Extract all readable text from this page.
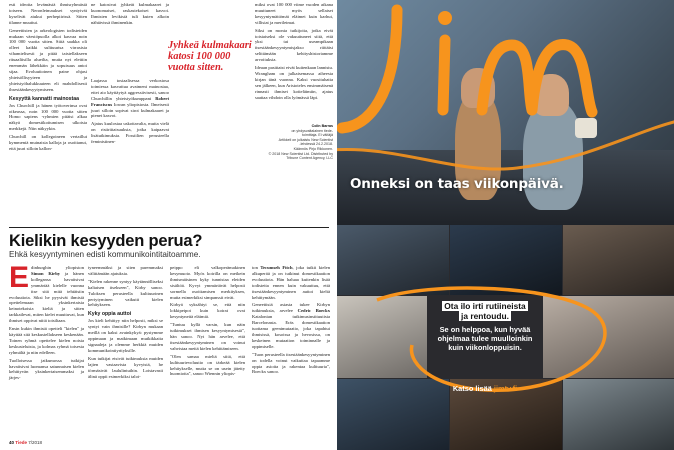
esti ideoita levämästä ihmisryhmästä toiseen. Neronleimaukset syntyivät kyselivät aiukui perhepiirissä. Sitten tilanne muuttui.

Geneettisten ja arkeologisten todisteiden mukaan väestöpuolla alkoi kasvaa noin 100 000 vuotta sitten. Siitä saakka oli olleet kaikki sulttuurisa virrasisia vihamielisesti ja pitää taistellakseen rituaaliisilla alueilta, mutta nyt elettiin enemmän lähekkäin ja sopuisuus antoi sijaa. Evoluutioinen paine ohjasi yhteisöllisyyteen ja yhteistyöhalukkuuteen eli mahdollisesti ihsestäänkesyytymiseen.

Kesyyttä kannatti mainostaa

Jos Churchill ja hänen työtoverinsa ovat oikeassa, noin 100 000 vuotta sitten Homo sapiens -ryhmien pitäisi alkaa näkyä domestikoitumisen ulkoisia merkkejä. Niin näkyykin.

Churchill on kollegoineen vertaillut kymmeniä muinaisia kalloja ja osoittanut, että juuri silloin kallon-

ne katosivat jyhkeät kulmakaaret ja kuonomaiset, raskastekoiset kasvot. Ihmisten levikistä tuli kuten alkoin nähtävissä ihminenkin.

Jyhkeä kulmakaari katosi 100 000 vuotta sitten.

Laajassa tosiaalisessa verkostosa toimiessa kasvattua avaimeni mainostaa, ettei aio käyttäytyä aggressiivisesti, sanoo Churchillin yhteistyökumppani Robert Franciscus Iowan yliopistosta. Ilmeisesti juuri silloin sopivat sirot kulmakaaret ja pienet kasvot.

Ajatus kuulostaa uskottavalta, mutta vielä on ristiriitaisuuksia, jotka kaipaavat lisätutkimuksia. Fossiilien perusteella feministinen-

miksi ovat 100 000 viime vuoden aikana muuttuneet myös sellaiset kesyyntymättömät eläimet kuin karhut, villisiat ja merileimat.

Siksi on monia tutkijoita, jotka eivät toistaiseksi ole vakuuttuneet siitä, että yksi tai useampikaan itsestäänkesyyntymisjakso riittäisi selittämään kehityshistoriamme arvoituksia.

Ideaan pasittaist eivät kuitenkaan lannistu. Wrangham on julkaisemassa aiheesta kirjan tänä vuonna. Kaksi vuosituhatta sen jälkeen, kun Aristoteles ensimmäisenä rinnasti ihmiset kotieläimiin, ajatus saattaa vihdoin olla lyömässä läpi.

Colin Barras
on yhdysvaltalainen tiede-
toimittaja. Ei väitäjä
Artikkeli on julkaistu New Scientist
-lehdessä 24.2.2018.
Käännös Pirjo Rikkonen.
© 2018 New Scientist Ltd. Distributed by
Tribune Content Agency, LLC
Kielikin kesyyden perua?
Ehkä kesyyntyminen edisti kommunikointitaitoamme.

Edinburghin yliopiston Simon Kirby ja hänen kollegansa havaitsivat ymmärtää kielelle vuonna itse sitä mitä tehtäisiin evoluutiota. Siksi he pyysivät ihmisiä opettelemaan yksinkertaisia keinotekoisia kieliä ja sitten tarkkailevat, miten kielet muuttuvat, kun ihmiset oppivat niitä toisiltaan.

Ensin kukin ihmistä opetteli "kielen" ja käyttää sitä keskustellakseen keskenään. Toinen ryhmä opettelee kielen noista keskusteluista, ja kolmas ryhmä toisesta ryhmältä ja niin edelleen.

Tuolloisessa jatkumossa tutkijat havaitsivat luomansa satunnaisen kielen kehittyvän yksinkertaisemmaksi ja järjes-

tyneemmäksi ja siten paremmaksi välittämään ajatuksia.

"Kielen rakenne syntyy käytännölliseksi kaltaisen itsekseen", Kirby sanoo. Tuloksen perusteella kulttuurinen periytyminen vaikutti kielen kehitykseen.

Kyky oppia auttoi

Jos kieli kehittyy niin helposti, miksi se syntyi vain ihmisille? Kirbyn mukaan meillä on kaksi avainkykyä: pystymme oppimaan ja matkimaan mutkikkaita signaaleja ja olemme herkkiä muiden kommunikointiyrityksille.

Kun tutkijat etsivät tutkimuksia muiden lajien vastaavista kyvyistä, he törmäsivät laululintuihin. Loistavasti älinä oppii esimerkiksi taloi-

peippo eli valkoperämakinen kesymuoto. Myös koirilla on meikein ihmismäisinen kyky tunnistaa eleiden sisältöä. Kyvyt ymmärtävät helposti sormella osoittamisen merkityksen, mutta esimerkiksi simpanssit eivät.

Kirbyä syksähtyi se, että niin lokkipeipot kuin koirat ovat kesyntyneitä eläimiä.

"Tuntuu kyllä varsin, kun näin tutkimukset ihmisen kesyyntymisestä", hän sanoo. Nyt hän arvelee, että itsestäänkesyyntyminen on voinut vahvistaa meitä kielen kehittämiseen.

"Olen samaa mieltä siitä, että kulttuurievoluutio on tärkeää kielen kehitykselle, mutta se on usein jätetty huomiotta", sanoo Wiennin yliopis-

ton Tecumseh Fitch, joka tutkii kielen alkuperää ja on tutkinut domestikaation evoluutiota. Hän haluaa kuitenkin lisää todisteita ennen kuin vakuuttuu, että itsestäänkesyyntyminen auttoi kieltä kehittymään.

Geneettisiä asiasta tukee Kirbyn tutkimuksia, arvelee Cedric Boeckx Katalonian tutkimusinstituutista Barcelonasta. Eräs domestikaation tuottama geenimutaatio, joka tapahtui ihmisissä, kosoissa ja hevosissa, on keskeinen mutaation toiminnalle ja oppimiselle.

"Tuon perusteella itsestäänkesyyntyminen on todella voinut vaikuttaa tapaamme oppia asioita ja rakentaa kulttuuria", Boeckx sanoo.

40 Tiede 7/2018
Onneksi on taas viikonpäivä.
Ota ilo irti rutiineista
ja rentoudu.
Se on helppoa, kun hyvää ohjelmaa tulee muulloinkin kuin viikonloppuisin.
Katso lisää jimtv.fi
